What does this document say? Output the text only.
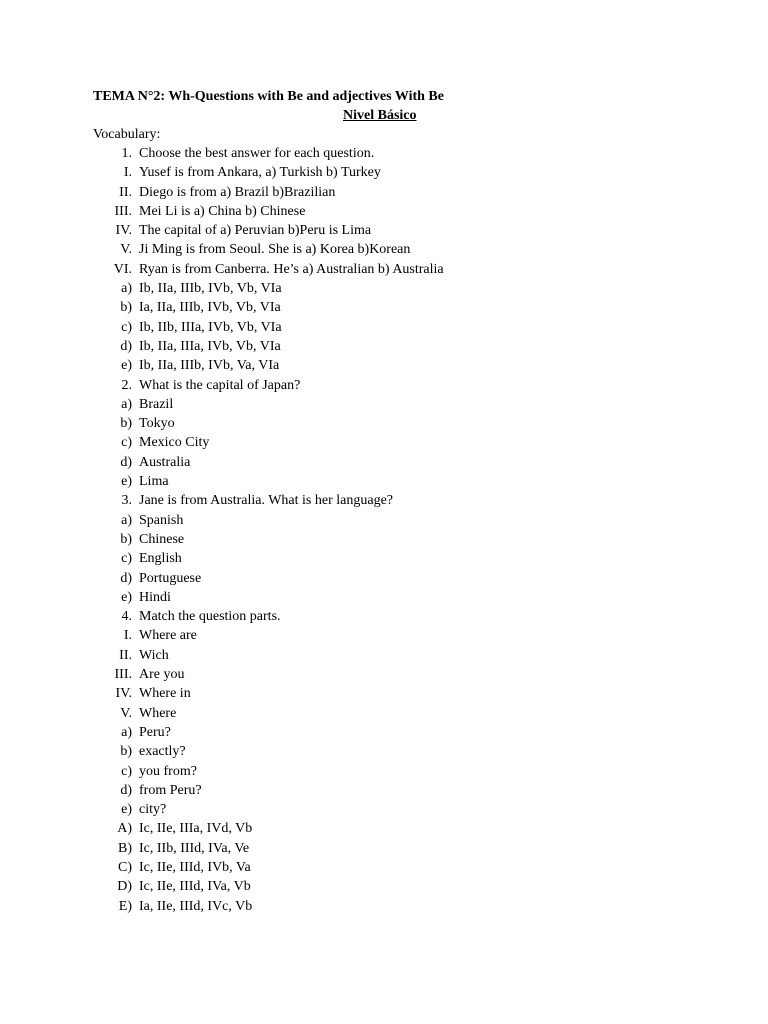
TEMA N°2: Wh-Questions with Be and adjectives With Be
Nivel Básico
Vocabulary:
1. Choose the best answer for each question.
I. Yusef is from Ankara, a) Turkish b) Turkey
II. Diego is from a) Brazil b)Brazilian
III. Mei Li is a) China b) Chinese
IV. The capital of a) Peruvian b)Peru is Lima
V. Ji Ming is from Seoul. She is a) Korea b)Korean
VI. Ryan is from Canberra. He’s a) Australian b) Australia
a) Ib, IIa, IIIb, IVb, Vb, VIa
b) Ia, IIa, IIIb, IVb, Vb, VIa
c) Ib, IIb, IIIa, IVb, Vb, VIa
d) Ib, IIa, IIIa, IVb, Vb, VIa
e) Ib, IIa, IIIb, IVb, Va, VIa
2. What is the capital of Japan?
a) Brazil
b) Tokyo
c) Mexico City
d) Australia
e) Lima
3. Jane is from Australia. What is her language?
a) Spanish
b) Chinese
c) English
d) Portuguese
e) Hindi
4. Match the question parts.
I. Where are
II. Wich
III. Are you
IV. Where in
V. Where
a) Peru?
b) exactly?
c) you from?
d) from Peru?
e) city?
A) Ic, IIe, IIIa, IVd, Vb
B) Ic, IIb, IIId, IVa, Ve
C) Ic, IIe, IIId, IVb, Va
D) Ic, IIe, IIId, IVa, Vb
E) Ia, IIe, IIId, IVc, Vb
